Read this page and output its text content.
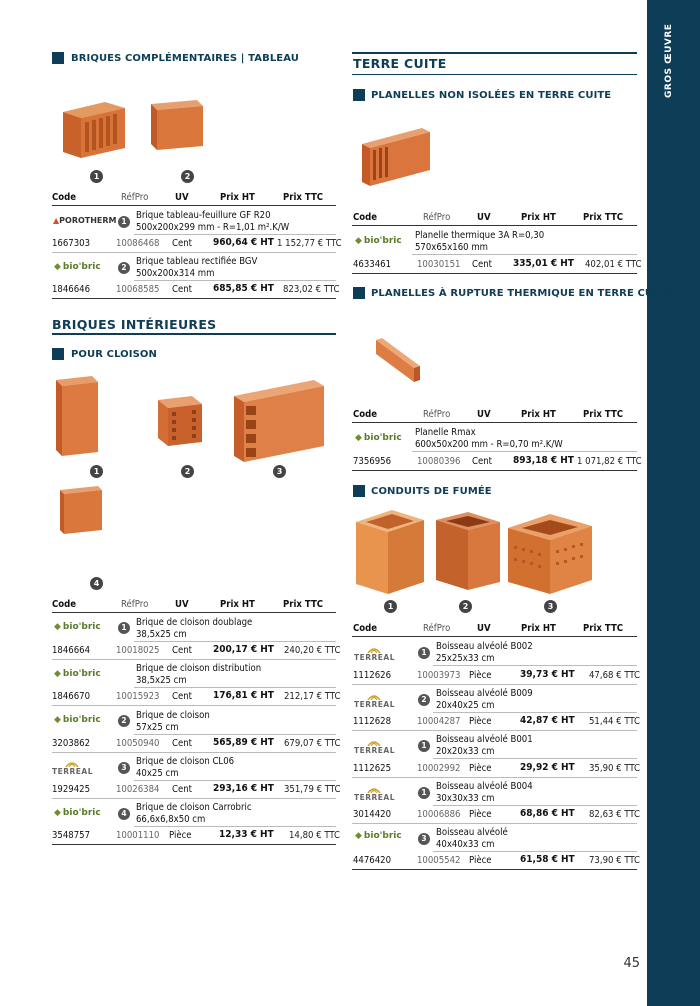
GROS ŒUVRE
45
BRIQUES COMPLÉMENTAIRES | TABLEAU
1	2
Code	RéfPro	UV	Prix HT	Prix TTC
▲POROTHERM 1
Brique tableau-feuillure GF R20
500x200x299 mm - R=1,01 m².K/W
1667303	10086468 Cent 960,64 € HT 1 152,77 € TTC
◆ bio'bric	2
Brique tableau rectifiée BGV
500x200x314 mm
1846646	10068585 Cent 685,85 € HT 823,02 € TTC
BRIQUES INTÉRIEURES
POUR CLOISON
1	2	3
4
Code	RéfPro	UV	Prix HT	Prix TTC
◆ bio'bric	1 Brique de cloison doublage
38,5x25 cm
1846664	10018025 Cent 200,17 € HT 240,20 € TTC
◆ bio'bric	Brique de cloison distribution
38,5x25 cm
1846670	10015923 Cent 176,81 € HT 212,17 € TTC
◆ bio'bric	2 Brique de cloison
57x25 cm
3203862	10050940 Cent 565,89 € HT 679,07 € TTC
TERREAL	3
Brique de cloison CL06
40x25 cm
1929425	10026384 Cent 293,16 € HT 351,79 € TTC
◆ bio'bric	4
Brique de cloison Carrobric
66,6x6,8x50 cm
3548757	10001110 Pièce	12,33 € HT 14,80 € TTC
TERRE CUITE
PLANELLES NON ISOLÉES EN TERRE CUITE
Code	RéfPro	UV	Prix HT	Prix TTC
◆ bio'bric Planelle thermique 3A R=0,30
570x65x160 mm
4633461	10030151 Cent 335,01 € HT 402,01 € TTC
PLANELLES À RUPTURE THERMIQUE EN TERRE CUITE
Code	RéfPro	UV	Prix HT	Prix TTC
◆ bio'bric Planelle Rmax
600x50x200 mm - R=0,70 m².K/W
7356956	10080396 Cent 893,18 € HT 1 071,82 € TTC
CONDUITS DE FUMÉE
1	2	3
Code	RéfPro	UV	Prix HT	Prix TTC
TERREAL
1
Boisseau alvéolé B002
25x25x33 cm
1112626	10003973 Pièce	39,73 € HT 47,68 € TTC
TERREAL
2
Boisseau alvéolé B009
20x40x25 cm
1112628	10004287 Pièce	42,87 € HT 51,44 € TTC
TERREAL
1
Boisseau alvéolé B001
20x20x33 cm
1112625	10002992 Pièce	29,92 € HT 35,90 € TTC
TERREAL
1
Boisseau alvéolé B004
30x30x33 cm
3014420	10006886 Pièce	68,86 € HT 82,63 € TTC
◆ bio'bric	3
Boisseau alvéolé
40x40x33 cm
4476420	10005542 Pièce	61,58 € HT 73,90 € TTC
